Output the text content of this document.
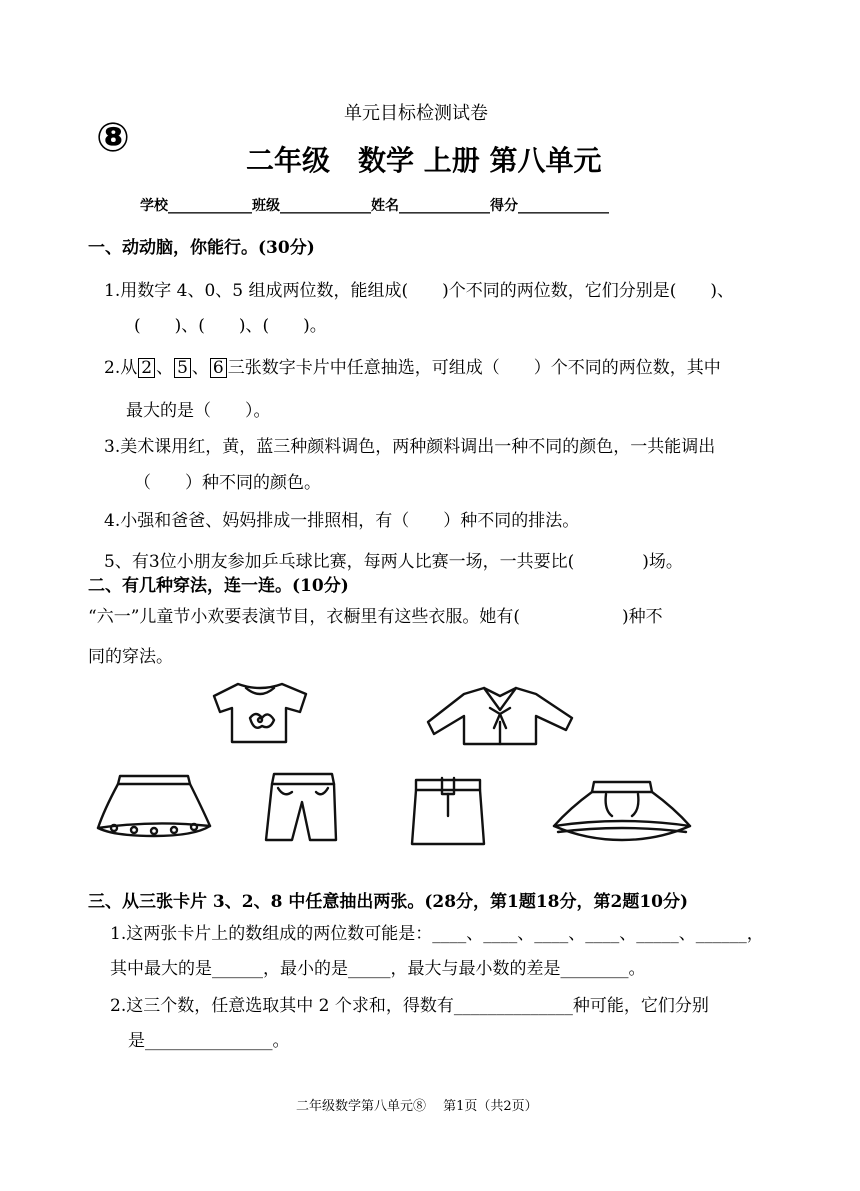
单元目标检测试卷
⑧	二年级　数学 上册 第八单元
学校____________班级_____________姓名_____________得分_____________
一、动动脑，你能行。(30分)
1.用数字 4、0、5 组成两位数，能组成(　　)个不同的两位数，它们分别是(　　)、
(　　)、(　　)、(　　)。
2.从 2 、 5 、 6 三张数字卡片中任意抽选，可组成（　　）个不同的两位数，其中
最大的是（　　）。
3.美术课用红，黄，蓝三种颜料调色，两种颜料调出一种不同的颜色，一共能调出
（　　）种不同的颜色。
4.小强和爸爸、妈妈排成一排照相，有（　　）种不同的排法。
5、有3位小朋友参加乒乓球比赛，每两人比赛一场，一共要比(　　　　)场。
二、有几种穿法，连一连。(10分)
“六一”儿童节小欢要表演节目，衣橱里有这些衣服。她有(　　　　　　)种不
同的穿法。
三、从三张卡片 3、2、8 中任意抽出两张。(28分，第1题18分，第2题10分)
1.这两张卡片上的数组成的两位数可能是：____、____、____、____、_____、______，
其中最大的是______，最小的是_____，最大与最小数的差是________。
2.这三个数，任意选取其中 2 个求和，得数有______________种可能，它们分别
是_______________。
二年级数学第八单元⑧　 第1页（共2页）
